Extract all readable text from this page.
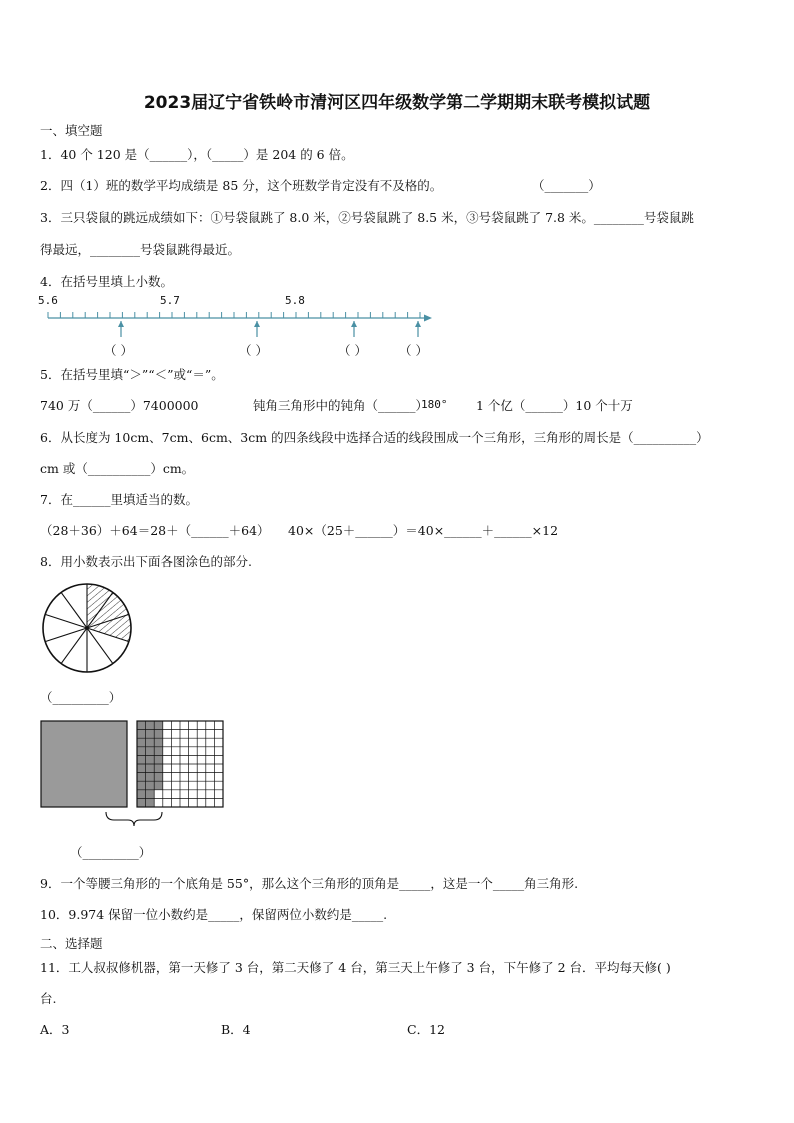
2023届辽宁省铁岭市清河区四年级数学第二学期期末联考模拟试题
一、填空题
1．40 个 120 是（______），（_____）是 204 的 6 倍。
2．四（1）班的数学平均成绩是 85 分，这个班数学肯定没有不及格的。	（_______）
3．三只袋鼠的跳远成绩如下：①号袋鼠跳了 8.0 米，②号袋鼠跳了 8.5 米，③号袋鼠跳了 7.8 米。________号袋鼠跳
得最远，________号袋鼠跳得最近。
4．在括号里填上小数。
5.6	5.7	5.8
（ ）	（ ）	（ ）	（ ）
5．在括号里填“＞”“＜”或“＝”。
740 万（______）7400000	钝角三角形中的钝角（______）
180° 1 个亿（______）10 个十万
6．从长度为 10cm、7cm、6cm、3cm 的四条线段中选择合适的线段围成一个三角形，三角形的周长是（__________）
cm 或（__________）cm。
7．在______里填适当的数。
（28＋36）＋64＝28＋（______＋64） 40×（25＋______）＝40×______＋______×12
8．用小数表示出下面各图涂色的部分.
（_________）
（_________）
9．一个等腰三角形的一个底角是 55°，那么这个三角形的顶角是_____，这是一个_____角三角形.
10．9.974 保留一位小数约是_____，保留两位小数约是_____.
二、选择题
11．工人叔叔修机器，第一天修了 3 台，第二天修了 4 台，第三天上午修了 3 台，下午修了 2 台．平均每天修( )
台.
A．3	B．4	C．12
